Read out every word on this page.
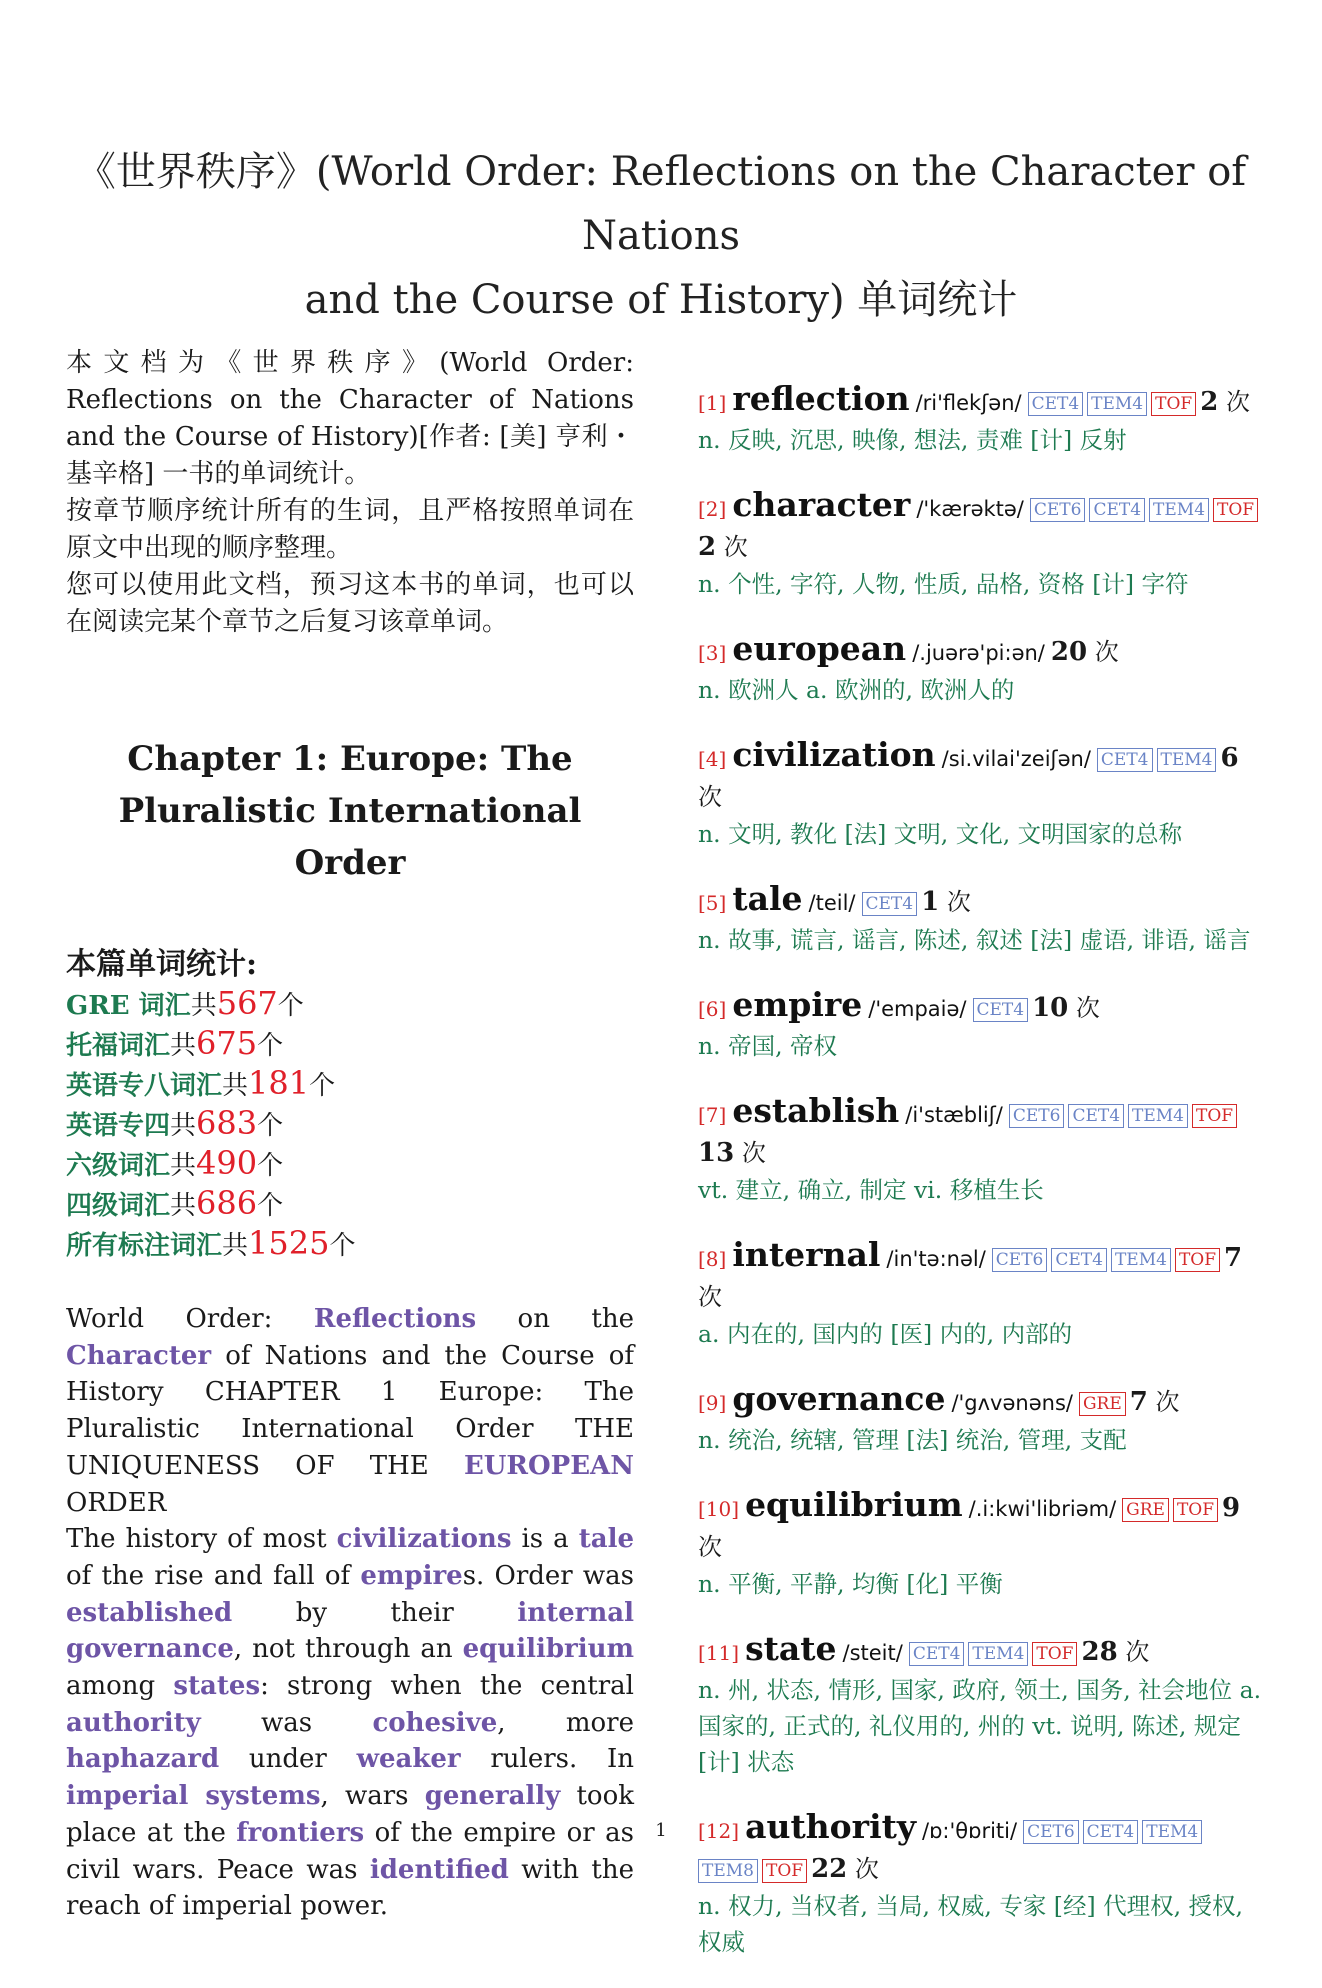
《世界秩序》(World Order: Reflections on the Character of Nations
and the Course of History) 单词统计

本文档为《世界秩序》(World Order: Reflections on the Character of Nations and the Course of History)[作者: [美] 亨利・基辛格] 一书的单词统计。

按章节顺序统计所有的生词，且严格按照单词在原文中出现的顺序整理。

您可以使用此文档，预习这本书的单词，也可以在阅读完某个章节之后复习该章单词。

Chapter 1: Europe: The
Pluralistic International Order
本篇单词统计:
GRE 词汇共567个
托福词汇共675个
英语专八词汇共181个
英语专四共683个
六级词汇共490个
四级词汇共686个
所有标注词汇共1525个

World Order: Reflections on the Character of Nations and the Course of History CHAPTER 1 Europe: The Pluralistic International Order THE UNIQUENESS OF THE EUROPEAN ORDER

The history of most civilizations is a tale of the rise and fall of empires. Order was established by their internal governance, not through an equilibrium among states: strong when the central authority was cohesive, more haphazard under weaker rulers. In imperial systems, wars generally took place at the frontiers of the empire or as civil wars. Peace was identified with the reach of imperial power.

[1] reflection /ri'flekʃən/ CET4 TEM4 TOF 2 次
n. 反映, 沉思, 映像, 想法, 责难 [计] 反射
[2] character /'kærəktə/ CET6 CET4 TEM4 TOF2 次
n. 个性, 字符, 人物, 性质, 品格, 资格 [计] 字符
[3] european /.juərə'pi:ən/ 20 次
n. 欧洲人 a. 欧洲的, 欧洲人的
[4] civilization /si.vilai'zeiʃən/ CET4 TEM4 6 次
n. 文明, 教化 [法] 文明, 文化, 文明国家的总称
[5] tale /teil/ CET4 1 次
n. 故事, 谎言, 谣言, 陈述, 叙述 [法] 虚语, 诽语, 谣言
[6] empire /'empaiə/ CET4 10 次
n. 帝国, 帝权
[7] establish /i'stæbliʃ/ CET6 CET4 TEM4 TOF13 次
vt. 建立, 确立, 制定 vi. 移植生长
[8] internal /in'tə:nəl/ CET6 CET4 TEM4 TOF 7 次
a. 内在的, 国内的 [医] 内的, 内部的
[9] governance /'gʌvənəns/ GRE 7 次
n. 统治, 统辖, 管理 [法] 统治, 管理, 支配
[10] equilibrium /.i:kwi'libriəm/ GRE TOF 9 次
n. 平衡, 平静, 均衡 [化] 平衡
[11] state /steit/ CET4 TEM4 TOF 28 次
n. 州, 状态, 情形, 国家, 政府, 领土, 国务, 社会地位 a. 国家的, 正式的, 礼仪用的, 州的 vt. 说明, 陈述, 规定 [计] 状态
[12] authority /ɒ:'θɒriti/ CET6 CET4 TEM4TEM8 TOF 22 次
n. 权力, 当权者, 当局, 权威, 专家 [经] 代理权, 授权, 权威
1
